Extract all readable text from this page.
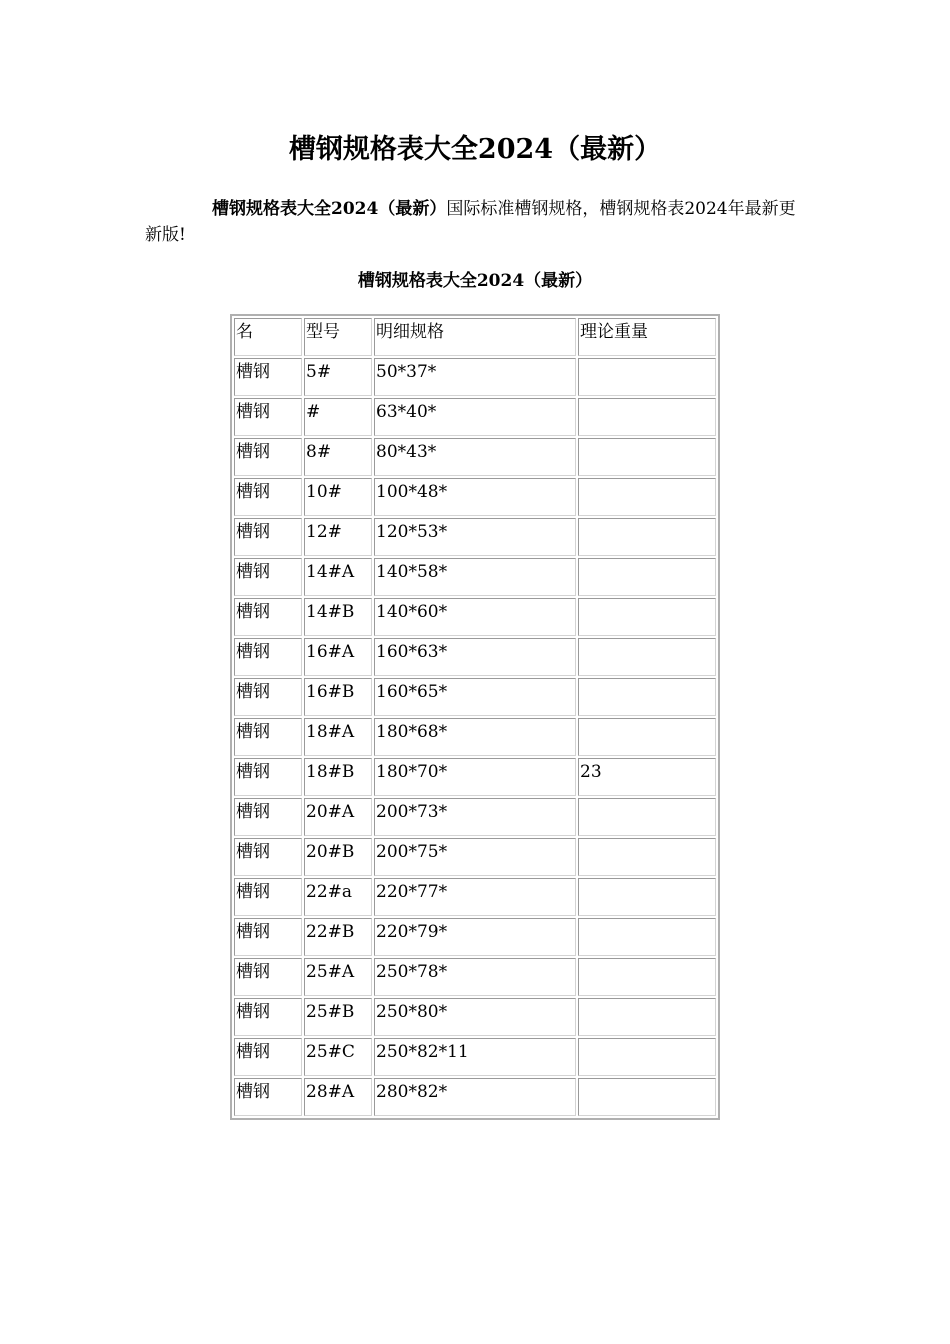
槽钢规格表大全2024（最新）

槽钢规格表大全2024（最新）国际标准槽钢规格，槽钢规格表2024年最新更新版!

槽钢规格表大全2024（最新）

名	型号	明细规格	理论重量
槽钢	5#	50*37*	
槽钢	#	63*40*	
槽钢	8#	80*43*	
槽钢	10#	100*48*	
槽钢	12#	120*53*	
槽钢	14#A	140*58*	
槽钢	14#B	140*60*	
槽钢	16#A	160*63*	
槽钢	16#B	160*65*	
槽钢	18#A	180*68*	
槽钢	18#B	180*70*	23
槽钢	20#A	200*73*	
槽钢	20#B	200*75*	
槽钢	22#a	220*77*	
槽钢	22#B	220*79*	
槽钢	25#A	250*78*	
槽钢	25#B	250*80*	
槽钢	25#C	250*82*11	
槽钢	28#A	280*82*	
